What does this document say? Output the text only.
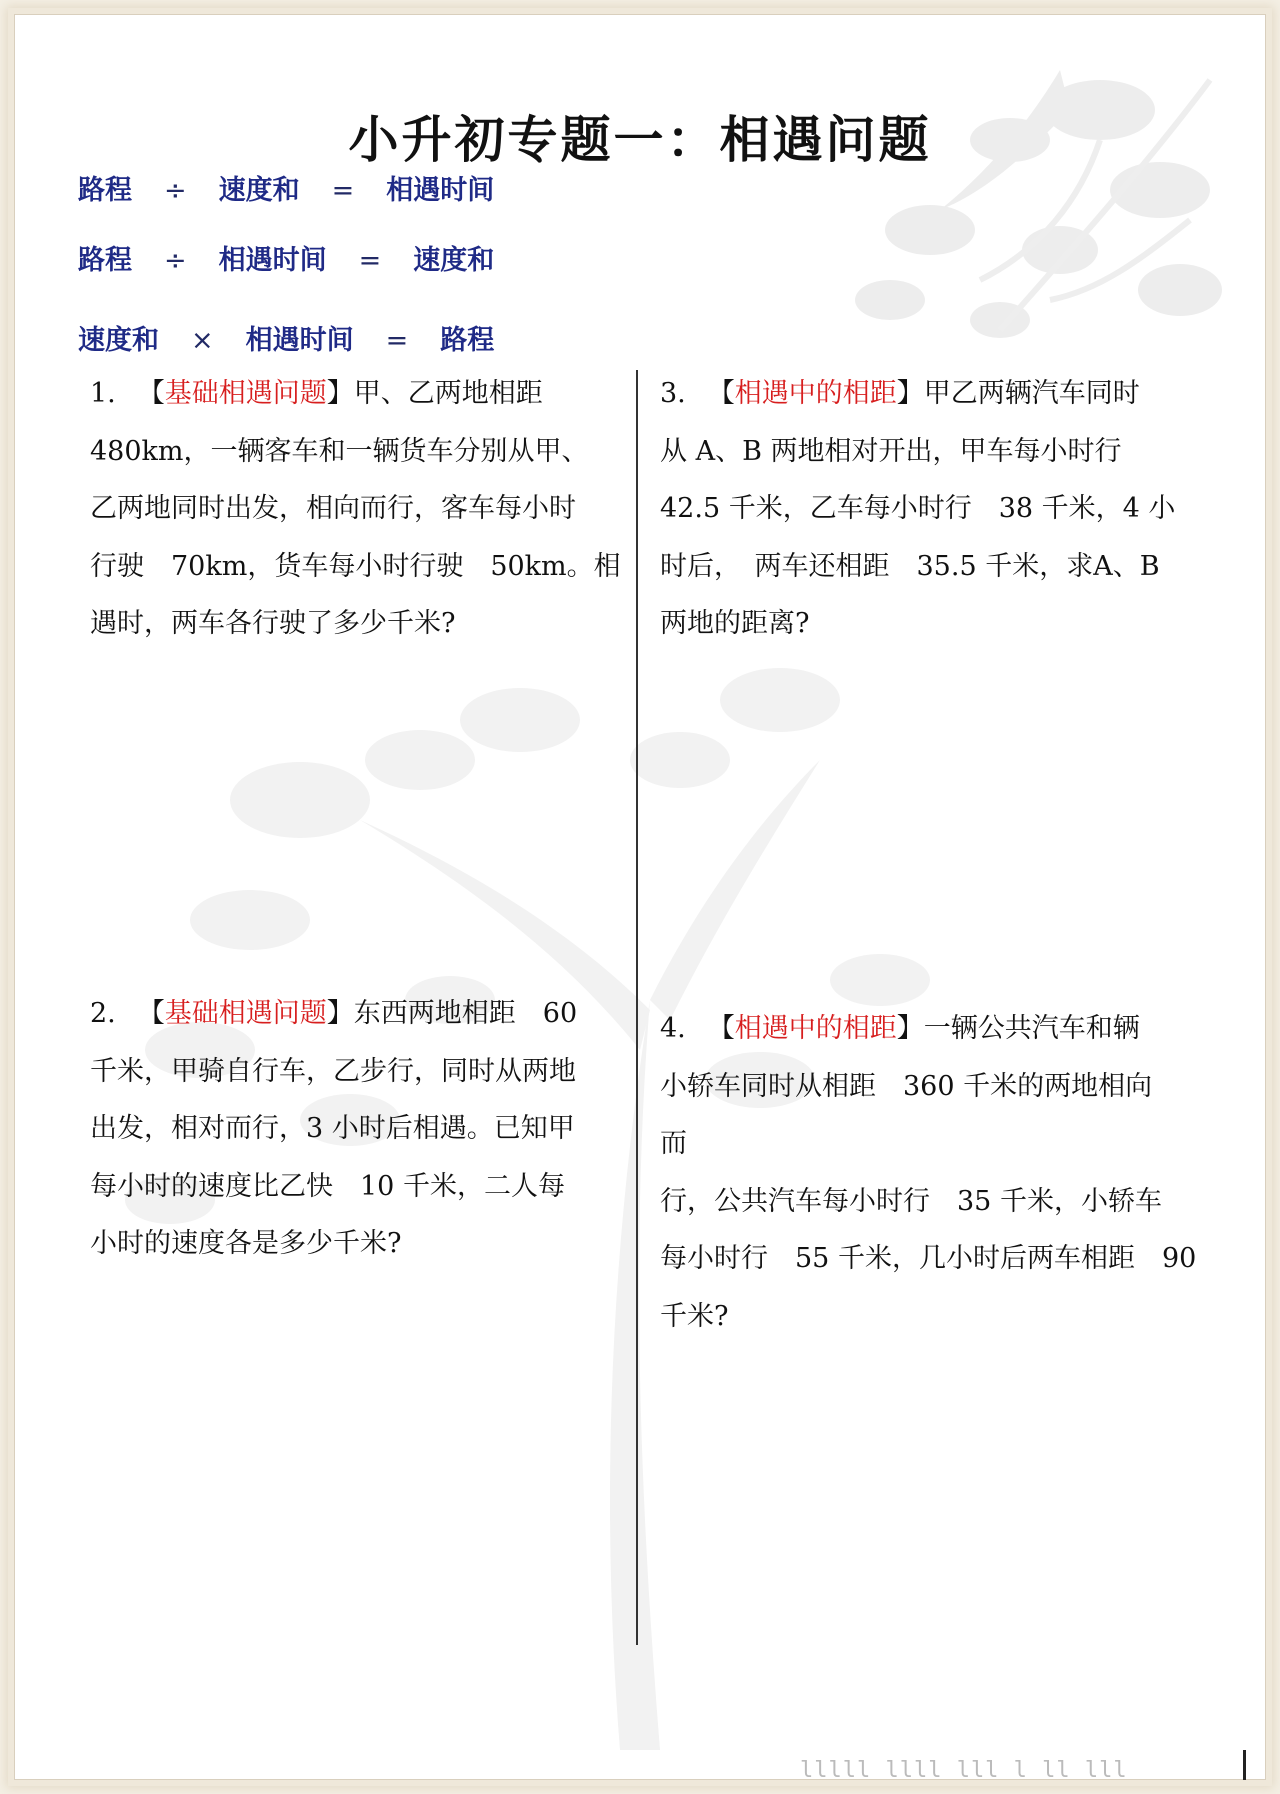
小升初专题一：相遇问题
路程 ÷ 速度和 = 相遇时间
路程 ÷ 相遇时间 = 速度和
速度和 × 相遇时间 = 路程
1. 【基础相遇问题】甲、乙两地相距
480km，一辆客车和一辆货车分别从甲、
乙两地同时出发，相向而行，客车每小时
行驶　70km，货车每小时行驶　50km。相
遇时，两车各行驶了多少千米?
2. 【基础相遇问题】东西两地相距　60
千米，甲骑自行车，乙步行，同时从两地
出发，相对而行，3 小时后相遇。已知甲
每小时的速度比乙快　10 千米，二人每
小时的速度各是多少千米?
3. 【相遇中的相距】甲乙两辆汽车同时
从 A、B 两地相对开出，甲车每小时行
42.5 千米，乙车每小时行　38 千米，4 小
时后，　两车还相距　35.5 千米，求A、B
两地的距离?
4. 【相遇中的相距】一辆公共汽车和辆
小轿车同时从相距　360 千米的两地相向
而
行，公共汽车每小时行　35 千米，小轿车
每小时行　55 千米，几小时后两车相距　90
千米?
lllll llll lll l ll lll
